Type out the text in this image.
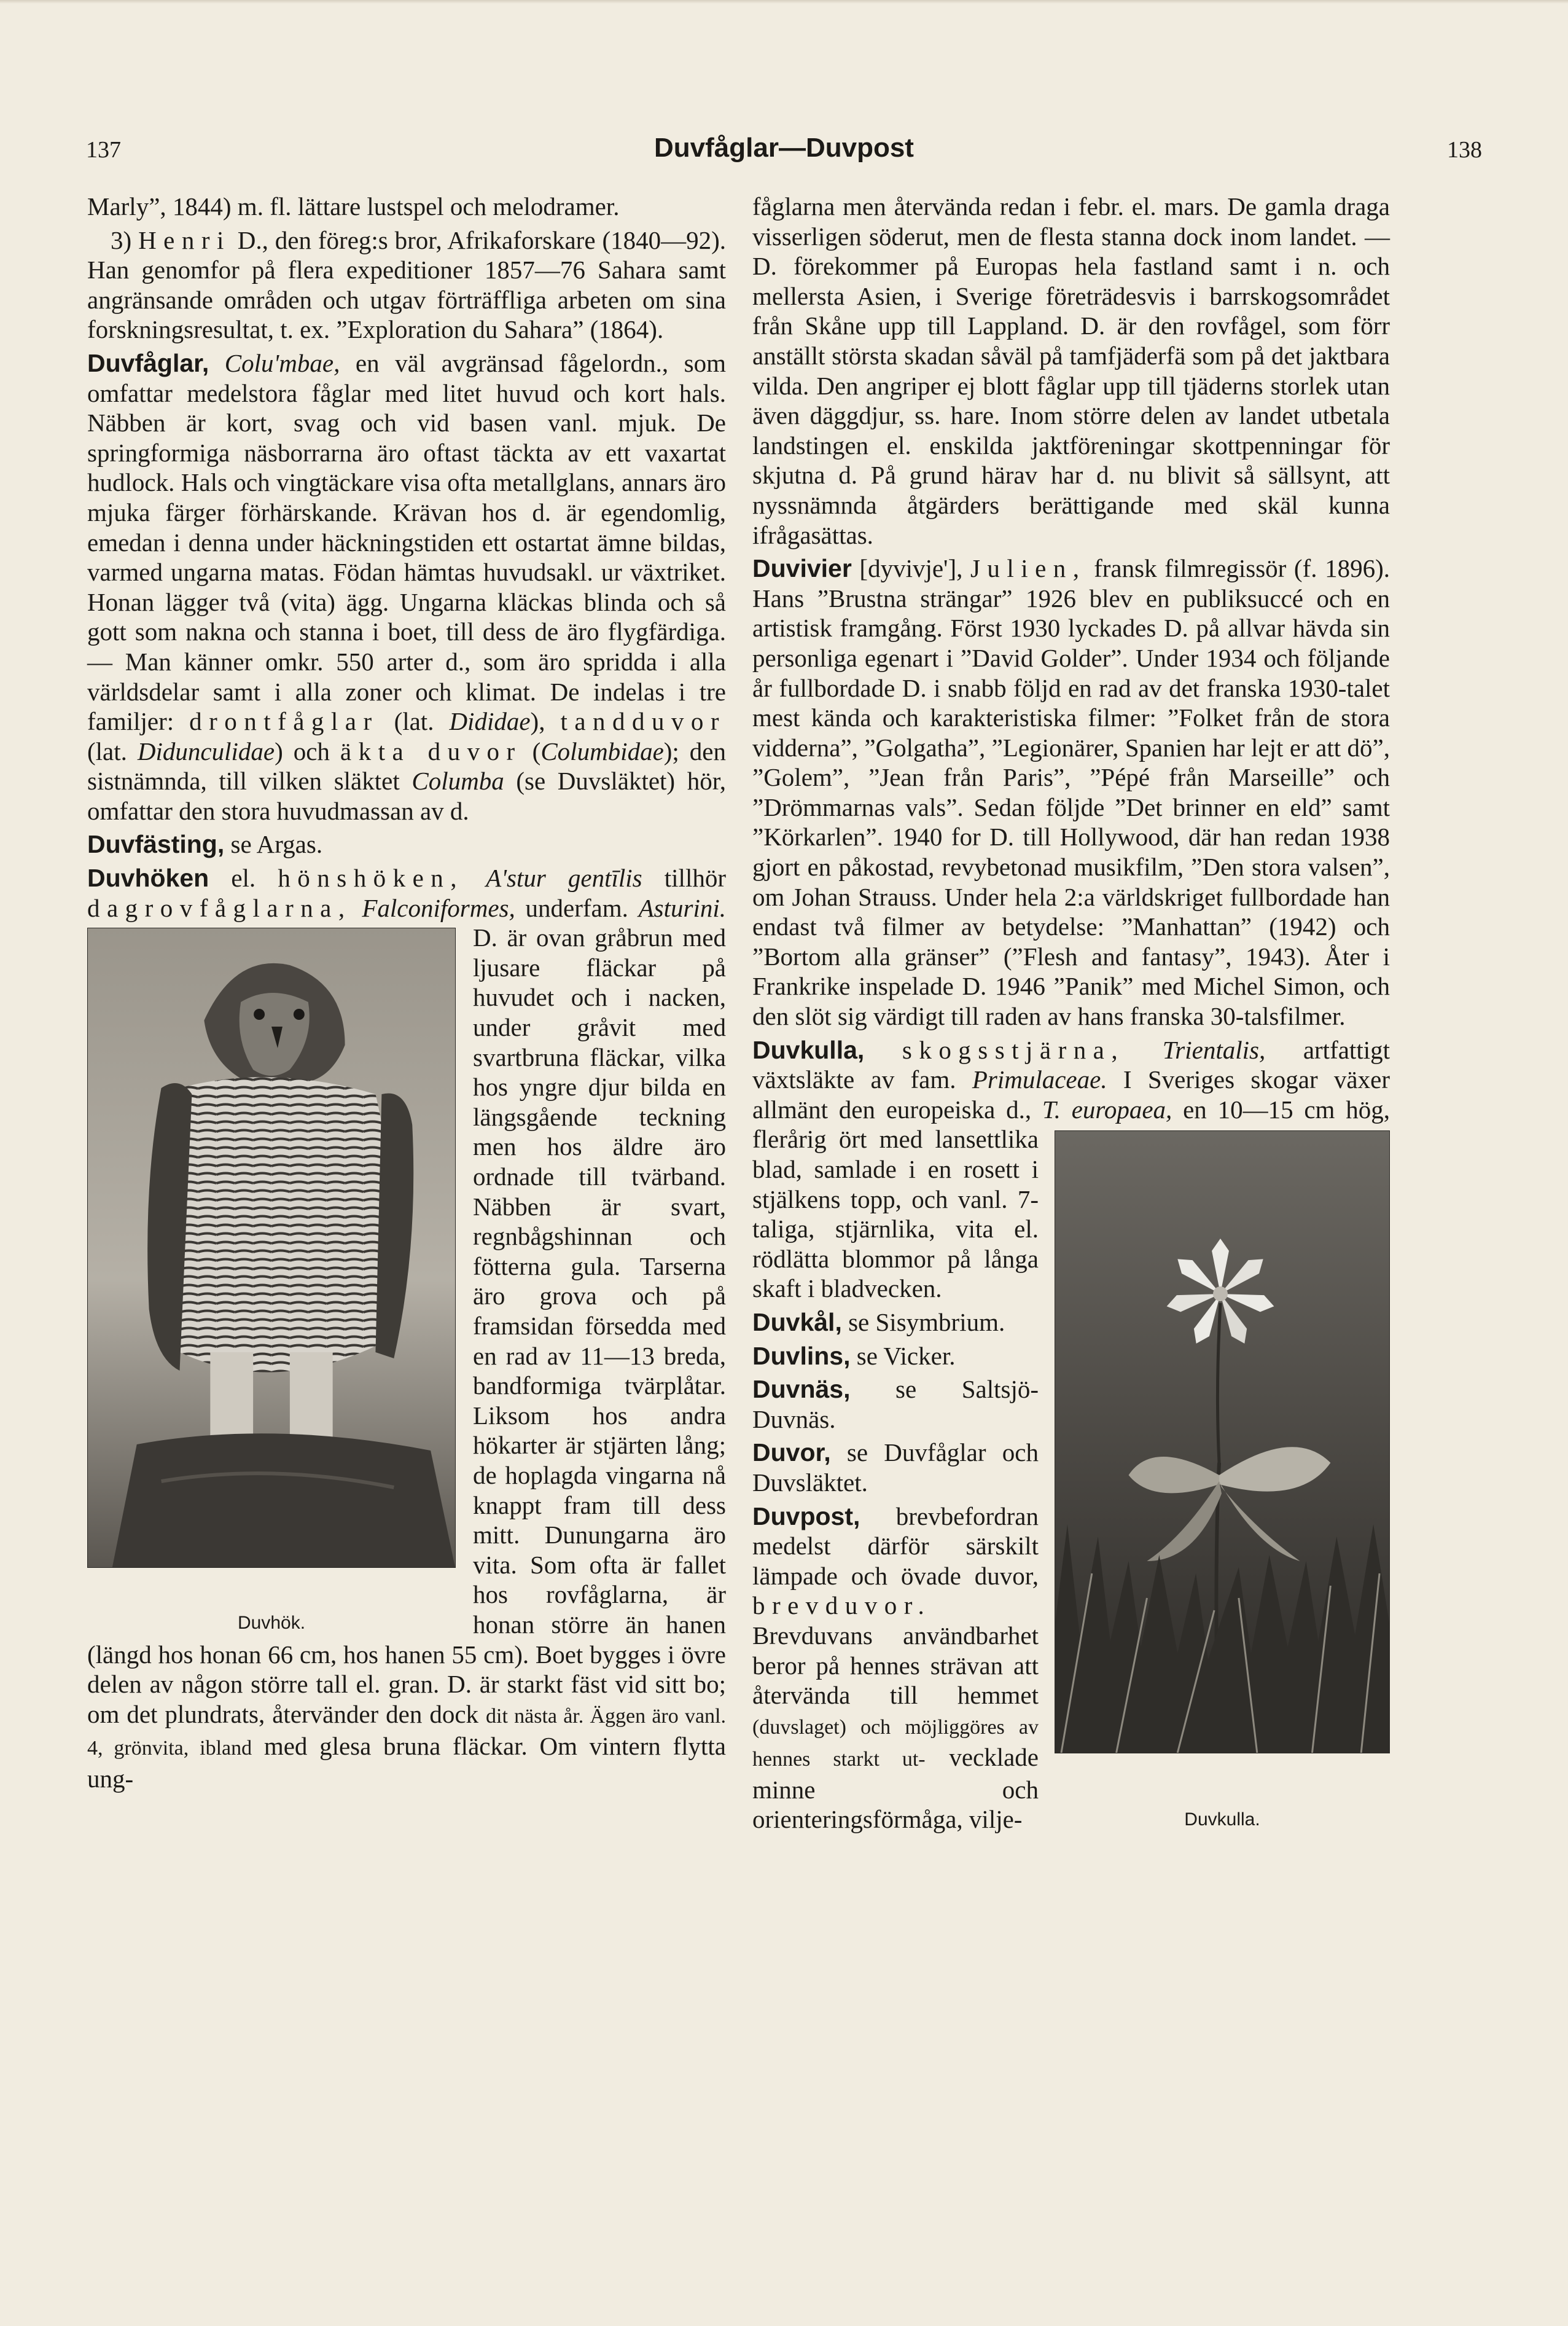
137	Duvfåglar—Duvpost	138

Marly”, 1844) m. fl. lättare lustspel och melodramer.

3) Henri D., den föreg:s bror, Afrikaforskare (1840—92). Han genomfor på flera expeditioner 1857—76 Sahara samt angränsande områden och utgav förträffliga arbeten om sina forskningsresultat, t. ex. ”Exploration du Sahara” (1864).

Duvfåglar, Colu'mbae, en väl avgränsad fågelordn., som omfattar medelstora fåglar med litet huvud och kort hals. Näbben är kort, svag och vid basen vanl. mjuk. De springformiga näsborrarna äro oftast täckta av ett vaxartat hudlock. Hals och vingtäckare visa ofta metallglans, annars äro mjuka färger förhärskande. Krävan hos d. är egendomlig, emedan i denna under häckningstiden ett ostartat ämne bildas, varmed ungarna matas. Födan hämtas huvudsakl. ur växtriket. Honan lägger två (vita) ägg. Ungarna kläckas blinda och så gott som nakna och stanna i boet, till dess de äro flygfärdiga. — Man känner omkr. 550 arter d., som äro spridda i alla världsdelar samt i alla zoner och klimat. De indelas i tre familjer: drontfåglar (lat. Dididae), tandduvor (lat. Didunculidae) och äkta duvor (Columbidae); den sistnämnda, till vilken släktet Columba (se Duvsläktet) hör, omfattar den stora huvudmassan av d.

Duvfästing, se Argas.

Duvhöken el. hönshöken, A'stur gentīlis tillhör dagrovfåglarna, Falconiformes, underfam. Asturini.
Duvhök.
D. är ovan gråbrun med ljusare fläckar på huvudet och i nacken, under gråvit med svartbruna fläckar, vilka hos yngre djur bilda en längsgående teckning men hos äldre äro ordnade till tvärband. Näbben är svart, regnbågshinnan och fötterna gula. Tarserna äro grova och på framsidan försedda med en rad av 11—13 breda, bandformiga tvärplåtar. Liksom hos andra hökarter är stjärten lång; de hoplagda vingarna nå knappt fram till dess mitt. Dunungarna äro vita. Som ofta är fallet hos rovfåglarna, är honan större än hanen (längd hos honan 66 cm, hos hanen 55 cm). Boet bygges i övre delen av någon större tall el. gran. D. är starkt fäst vid sitt bo; om det plundrats, återvänder den dock dit nästa år. Äggen äro vanl. 4, grönvita, ibland med glesa bruna fläckar. Om vintern flytta ung-

fåglarna men återvända redan i febr. el. mars. De gamla draga visserligen söderut, men de flesta stanna dock inom landet. — D. förekommer på Europas hela fastland samt i n. och mellersta Asien, i Sverige företrädesvis i barrskogsområdet från Skåne upp till Lappland. D. är den rovfågel, som förr anställt största skadan såväl på tamfjäderfä som på det jaktbara vilda. Den angriper ej blott fåglar upp till tjäderns storlek utan även däggdjur, ss. hare. Inom större delen av landet utbetala landstingen el. enskilda jaktföreningar skottpenningar för skjutna d. På grund härav har d. nu blivit så sällsynt, att nyssnämnda åtgärders berättigande med skäl kunna ifrågasättas.

Duvivier [dyvivje'], Julien, fransk filmregissör (f. 1896). Hans ”Brustna strängar” 1926 blev en publiksuccé och en artistisk framgång. Först 1930 lyckades D. på allvar hävda sin personliga egenart i ”David Golder”. Under 1934 och följande år fullbordade D. i snabb följd en rad av det franska 1930-talet mest kända och karakteristiska filmer: ”Folket från de stora vidderna”, ”Golgatha”, ”Legionärer, Spanien har lejt er att dö”, ”Golem”, ”Jean från Paris”, ”Pépé från Marseille” och ”Drömmarnas vals”. Sedan följde ”Det brinner en eld” samt ”Körkarlen”. 1940 for D. till Hollywood, där han redan 1938 gjort en påkostad, revybetonad musikfilm, ”Den stora valsen”, om Johan Strauss. Under hela 2:a världskriget fullbordade han endast två filmer av betydelse: ”Manhattan” (1942) och ”Bortom alla gränser” (”Flesh and fantasy”, 1943). Åter i Frankrike inspelade D. 1946 ”Panik” med Michel Simon, och den slöt sig värdigt till raden av hans franska 30-talsfilmer.

Duvkulla, skogsstjärna, Trientalis, artfattigt växtsläkte av fam. Primulaceae. I Sveriges skogar växer allmänt den europeiska d., T. europaea,
Duvkulla.
en 10—15 cm hög, flerårig ört med lansettlika blad, samlade i en rosett i stjälkens topp, och vanl. 7-taliga, stjärnlika, vita el. rödlätta blommor på långa skaft i bladvecken.

Duvkål, se Sisymbrium.

Duvlins, se Vicker.

Duvnäs, se Saltsjö-Duvnäs.

Duvor, se Duvfåglar och Duvsläktet.

Duvpost, brevbefordran medelst därför särskilt lämpade och övade duvor, brevduvor. Brevduvans användbarhet beror på hennes strävan att återvända till hemmet (duvslaget) och möjliggöres av hennes starkt ut- vecklade minne och orienteringsförmåga, vilje-
